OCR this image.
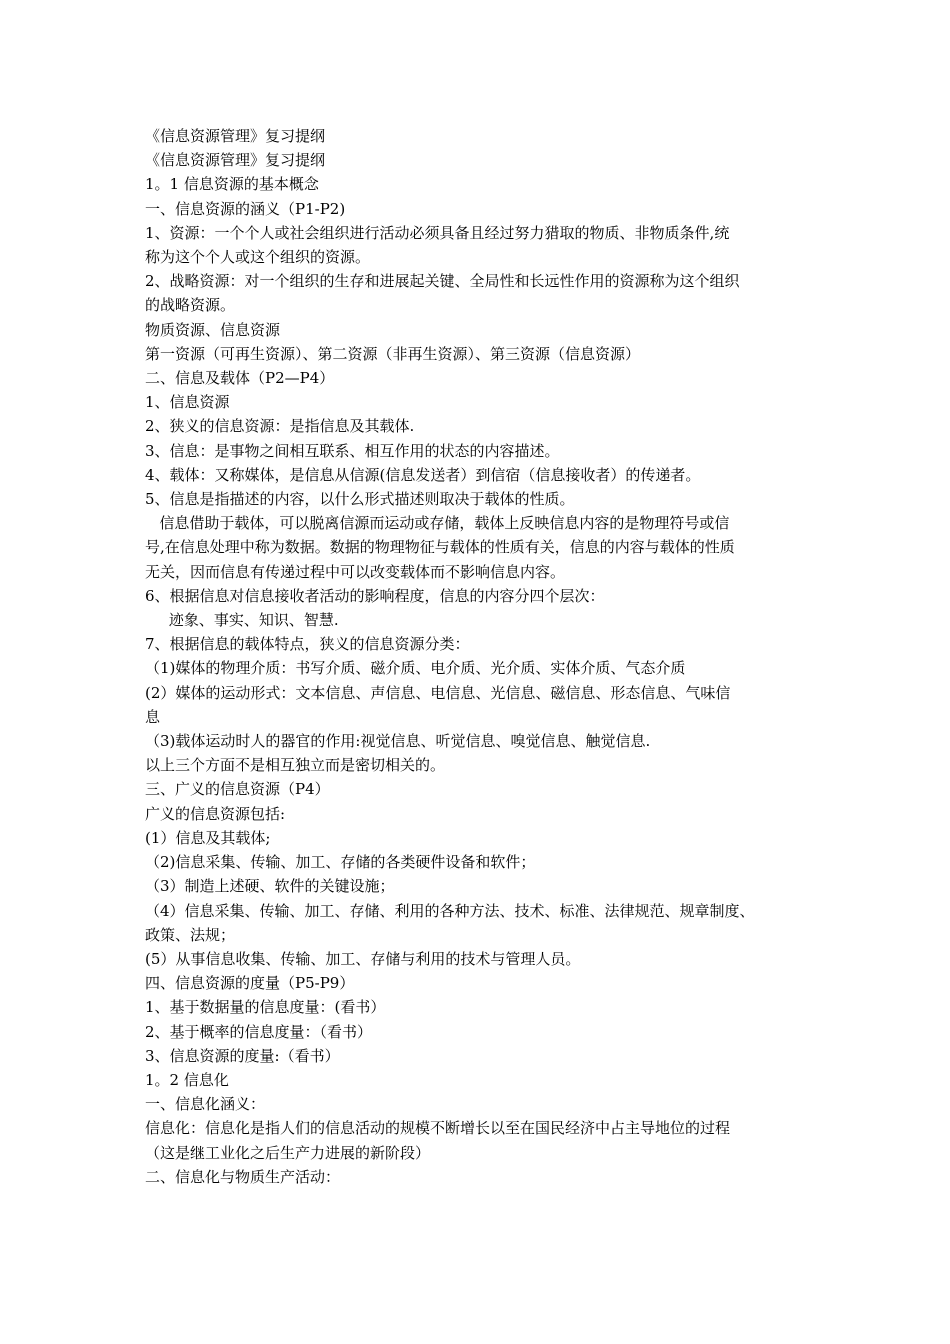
《信息资源管理》复习提纲
《信息资源管理》复习提纲
1。1 信息资源的基本概念
一、信息资源的涵义（P1-P2)
1、资源：一个个人或社会组织进行活动必须具备且经过努力猎取的物质、非物质条件,统
称为这个个人或这个组织的资源。
2、战略资源：对一个组织的生存和进展起关键、全局性和长远性作用的资源称为这个组织
的战略资源。
物质资源、信息资源
第一资源（可再生资源）、第二资源（非再生资源）、第三资源（信息资源）
二、信息及载体（P2—P4）
1、信息资源
2、狭义的信息资源：是指信息及其载体.
3、信息：是事物之间相互联系、相互作用的状态的内容描述。
4、载体：又称媒体，是信息从信源(信息发送者）到信宿（信息接收者）的传递者。
5、信息是指描述的内容，以什么形式描述则取决于载体的性质。
信息借助于载体，可以脱离信源而运动或存储，载体上反映信息内容的是物理符号或信
号,在信息处理中称为数据。数据的物理物征与载体的性质有关，信息的内容与载体的性质
无关，因而信息有传递过程中可以改变载体而不影响信息内容。
6、根据信息对信息接收者活动的影响程度，信息的内容分四个层次：
迹象、事实、知识、智慧.
7、根据信息的载体特点，狭义的信息资源分类：
（1)媒体的物理介质：书写介质、磁介质、电介质、光介质、实体介质、气态介质
(2）媒体的运动形式：文本信息、声信息、电信息、光信息、磁信息、形态信息、气味信
息
（3)载体运动时人的器官的作用:视觉信息、听觉信息、嗅觉信息、触觉信息.
以上三个方面不是相互独立而是密切相关的。
三、广义的信息资源（P4）
广义的信息资源包括:
(1）信息及其载体;
（2)信息采集、传输、加工、存储的各类硬件设备和软件；
（3）制造上述硬、软件的关键设施；
（4）信息采集、传输、加工、存储、利用的各种方法、技术、标准、法律规范、规章制度、
政策、法规；
(5）从事信息收集、传输、加工、存储与利用的技术与管理人员。
四、信息资源的度量（P5-P9）
1、基于数据量的信息度量：(看书）
2、基于概率的信息度量：（看书）
3、信息资源的度量:（看书）
1。2 信息化
一、信息化涵义：
信息化：信息化是指人们的信息活动的规模不断增长以至在国民经济中占主导地位的过程
（这是继工业化之后生产力进展的新阶段）
二、信息化与物质生产活动：
